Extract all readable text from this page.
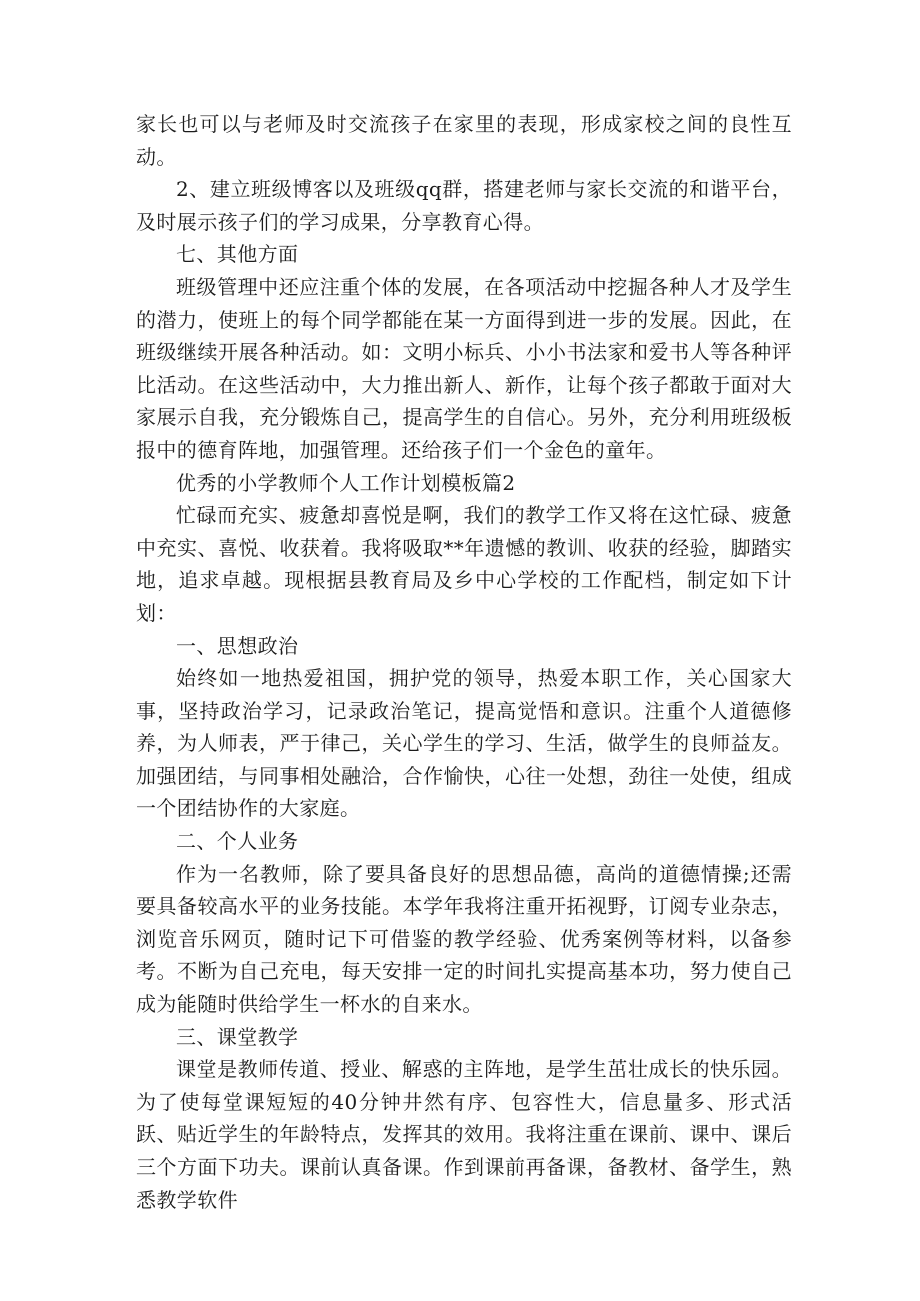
家长也可以与老师及时交流孩子在家里的表现，形成家校之间的良性互动。

2、建立班级博客以及班级qq群，搭建老师与家长交流的和谐平台，及时展示孩子们的学习成果，分享教育心得。

七、其他方面

班级管理中还应注重个体的发展，在各项活动中挖掘各种人才及学生的潜力，使班上的每个同学都能在某一方面得到进一步的发展。因此，在班级继续开展各种活动。如：文明小标兵、小小书法家和爱书人等各种评比活动。在这些活动中，大力推出新人、新作，让每个孩子都敢于面对大家展示自我，充分锻炼自己，提高学生的自信心。另外，充分利用班级板报中的德育阵地，加强管理。还给孩子们一个金色的童年。

优秀的小学教师个人工作计划模板篇2

忙碌而充实、疲惫却喜悦是啊，我们的教学工作又将在这忙碌、疲惫中充实、喜悦、收获着。我将吸取**年遗憾的教训、收获的经验，脚踏实地，追求卓越。现根据县教育局及乡中心学校的工作配档，制定如下计划：

一、思想政治

始终如一地热爱祖国，拥护党的领导，热爱本职工作，关心国家大事，坚持政治学习，记录政治笔记，提高觉悟和意识。注重个人道德修养，为人师表，严于律己，关心学生的学习、生活，做学生的良师益友。加强团结，与同事相处融洽，合作愉快，心往一处想，劲往一处使，组成一个团结协作的大家庭。

二、个人业务

作为一名教师，除了要具备良好的思想品德，高尚的道德情操;还需要具备较高水平的业务技能。本学年我将注重开拓视野，订阅专业杂志，浏览音乐网页，随时记下可借鉴的教学经验、优秀案例等材料，以备参考。不断为自己充电，每天安排一定的时间扎实提高基本功，努力使自己成为能随时供给学生一杯水的自来水。

三、课堂教学

课堂是教师传道、授业、解惑的主阵地，是学生茁壮成长的快乐园。为了使每堂课短短的40分钟井然有序、包容性大，信息量多、形式活跃、贴近学生的年龄特点，发挥其的效用。我将注重在课前、课中、课后三个方面下功夫。课前认真备课。作到课前再备课，备教材、备学生，熟悉教学软件
